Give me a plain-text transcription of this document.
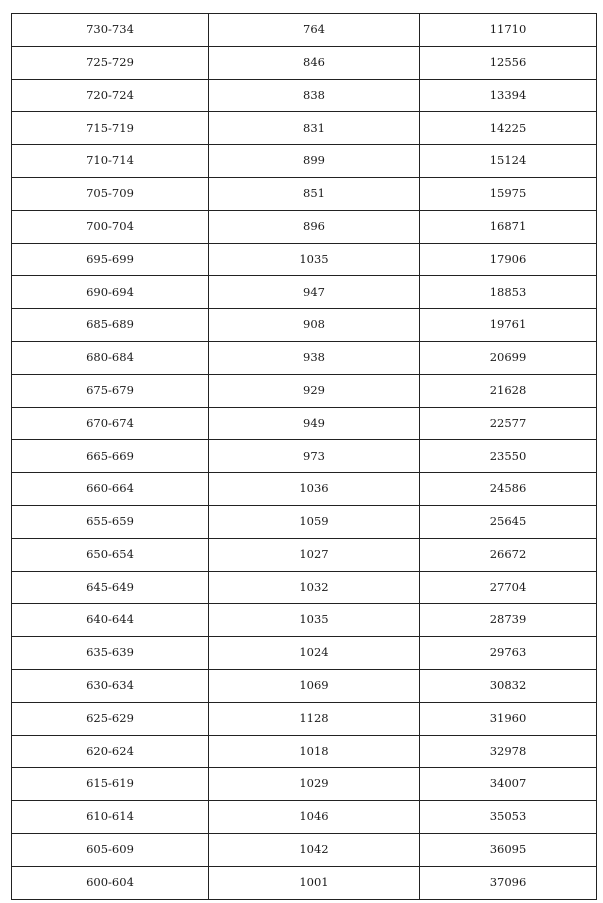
730-734	764	11710
725-729	846	12556
720-724	838	13394
715-719	831	14225
710-714	899	15124
705-709	851	15975
700-704	896	16871
695-699	1035	17906
690-694	947	18853
685-689	908	19761
680-684	938	20699
675-679	929	21628
670-674	949	22577
665-669	973	23550
660-664	1036	24586
655-659	1059	25645
650-654	1027	26672
645-649	1032	27704
640-644	1035	28739
635-639	1024	29763
630-634	1069	30832
625-629	1128	31960
620-624	1018	32978
615-619	1029	34007
610-614	1046	35053
605-609	1042	36095
600-604	1001	37096
